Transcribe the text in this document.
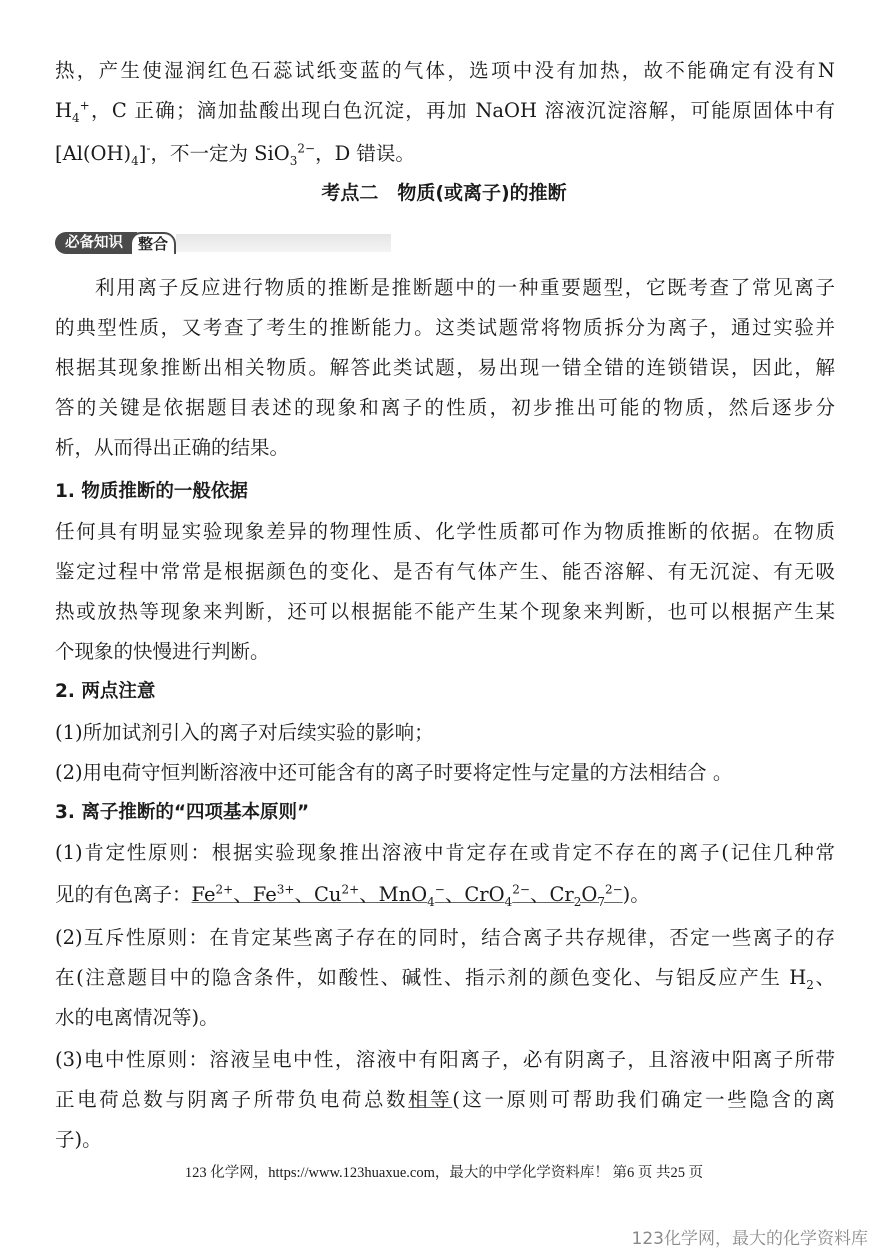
热，产生使湿润红色石蕊试纸变蓝的气体，选项中没有加热，故不能确定有没有N
$H_4^+$，C 正确；滴加盐酸出现白色沉淀，再加 NaOH 溶液沉淀溶解，可能原固体中有
$[Al(OH)_4]^-$，不一定为 SiO$_3^{2-}$，D 错误。
利用离子反应进行物质的推断是推断题中的一种重要题型，它既考查了常见离子
的典型性质，又考查了考生的推断能力。这类试题常将物质拆分为离子，通过实验并
根据其现象推断出相关物质。解答此类试题，易出现一错全错的连锁错误，因此，解
答的关键是依据题目表述的现象和离子的性质，初步推出可能的物质，然后逐步分
析，从而得出正确的结果。
1. 物质推断的一般依据
任何具有明显实验现象差异的物理性质、化学性质都可作为物质推断的依据。在物质
鉴定过程中常常是根据颜色的变化、是否有气体产生、能否溶解、有无沉淀、有无吸
热或放热等现象来判断，还可以根据能不能产生某个现象来判断，也可以根据产生某
个现象的快慢进行判断。
2. 两点注意
(1)所加试剂引入的离子对后续实验的影响；
(2)用电荷守恒判断溶液中还可能含有的离子时要将定性与定量的方法相结合 。
3. 离子推断的“四项基本原则”
(1)肯定性原则：根据实验现象推出溶液中肯定存在或肯定不存在的离子(记住几种常
见的有色离子：$Fe^{2+}$、$Fe^{3+}$、$Cu^{2+}$、MnO$_4$−、CrO$_4^{2-}$、$Cr_2O_7^{2-}$)。
(2)互斥性原则：在肯定某些离子存在的同时，结合离子共存规律，否定一些离子的存
在(注意题目中的隐含条件，如酸性、碱性、指示剂的颜色变化、与铝反应产生 $H_2$、
水的电离情况等)。
(3)电中性原则：溶液呈电中性，溶液中有阳离子，必有阴离子，且溶液中阳离子所带
正电荷总数与阴离子所带负电荷总数相等(这一原则可帮助我们确定一些隐含的离
子)。
考点二　物质(或离子)的推断
必备知识	整合
123 化学网，https://www.123huaxue.com，最大的中学化学资料库！ 第6 页 共25 页
123化学网，最大的化学资料库
